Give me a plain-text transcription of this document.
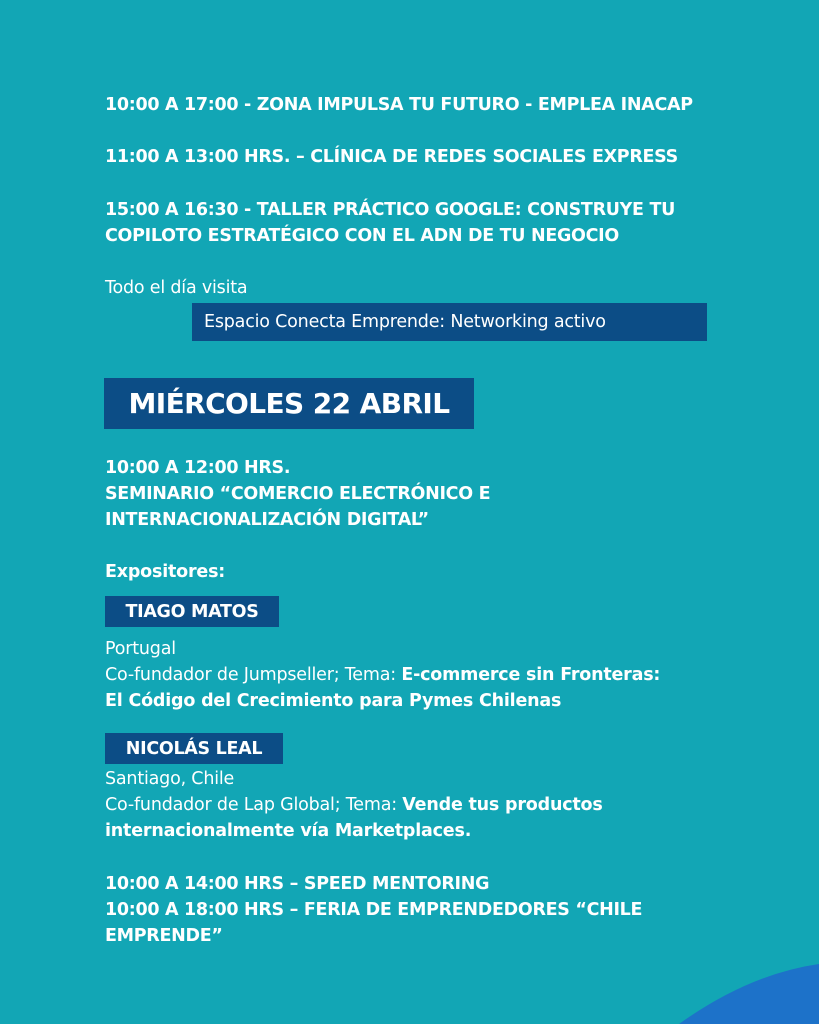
10:00 A 17:00 - ZONA IMPULSA TU FUTURO - EMPLEA INACAP
11:00 A 13:00 HRS. – CLÍNICA DE REDES SOCIALES EXPRESS
15:00 A 16:30 - TALLER PRÁCTICO GOOGLE: CONSTRUYE TU
COPILOTO ESTRATÉGICO CON EL ADN DE TU NEGOCIO
Todo el día visita
Espacio Conecta Emprende: Networking activo
MIÉRCOLES 22 ABRIL
10:00 A 12:00 HRS.
SEMINARIO “COMERCIO ELECTRÓNICO E
INTERNACIONALIZACIÓN DIGITAL”
Expositores:
TIAGO MATOS
Portugal
Co-fundador de Jumpseller; Tema: E-commerce sin Fronteras:
El Código del Crecimiento para Pymes Chilenas
NICOLÁS LEAL
Santiago, Chile
Co-fundador de Lap Global; Tema: Vende tus productos
internacionalmente vía Marketplaces.
10:00 A 14:00 HRS – SPEED MENTORING
10:00 A 18:00 HRS – FERIA DE EMPRENDEDORES “CHILE
EMPRENDE”
